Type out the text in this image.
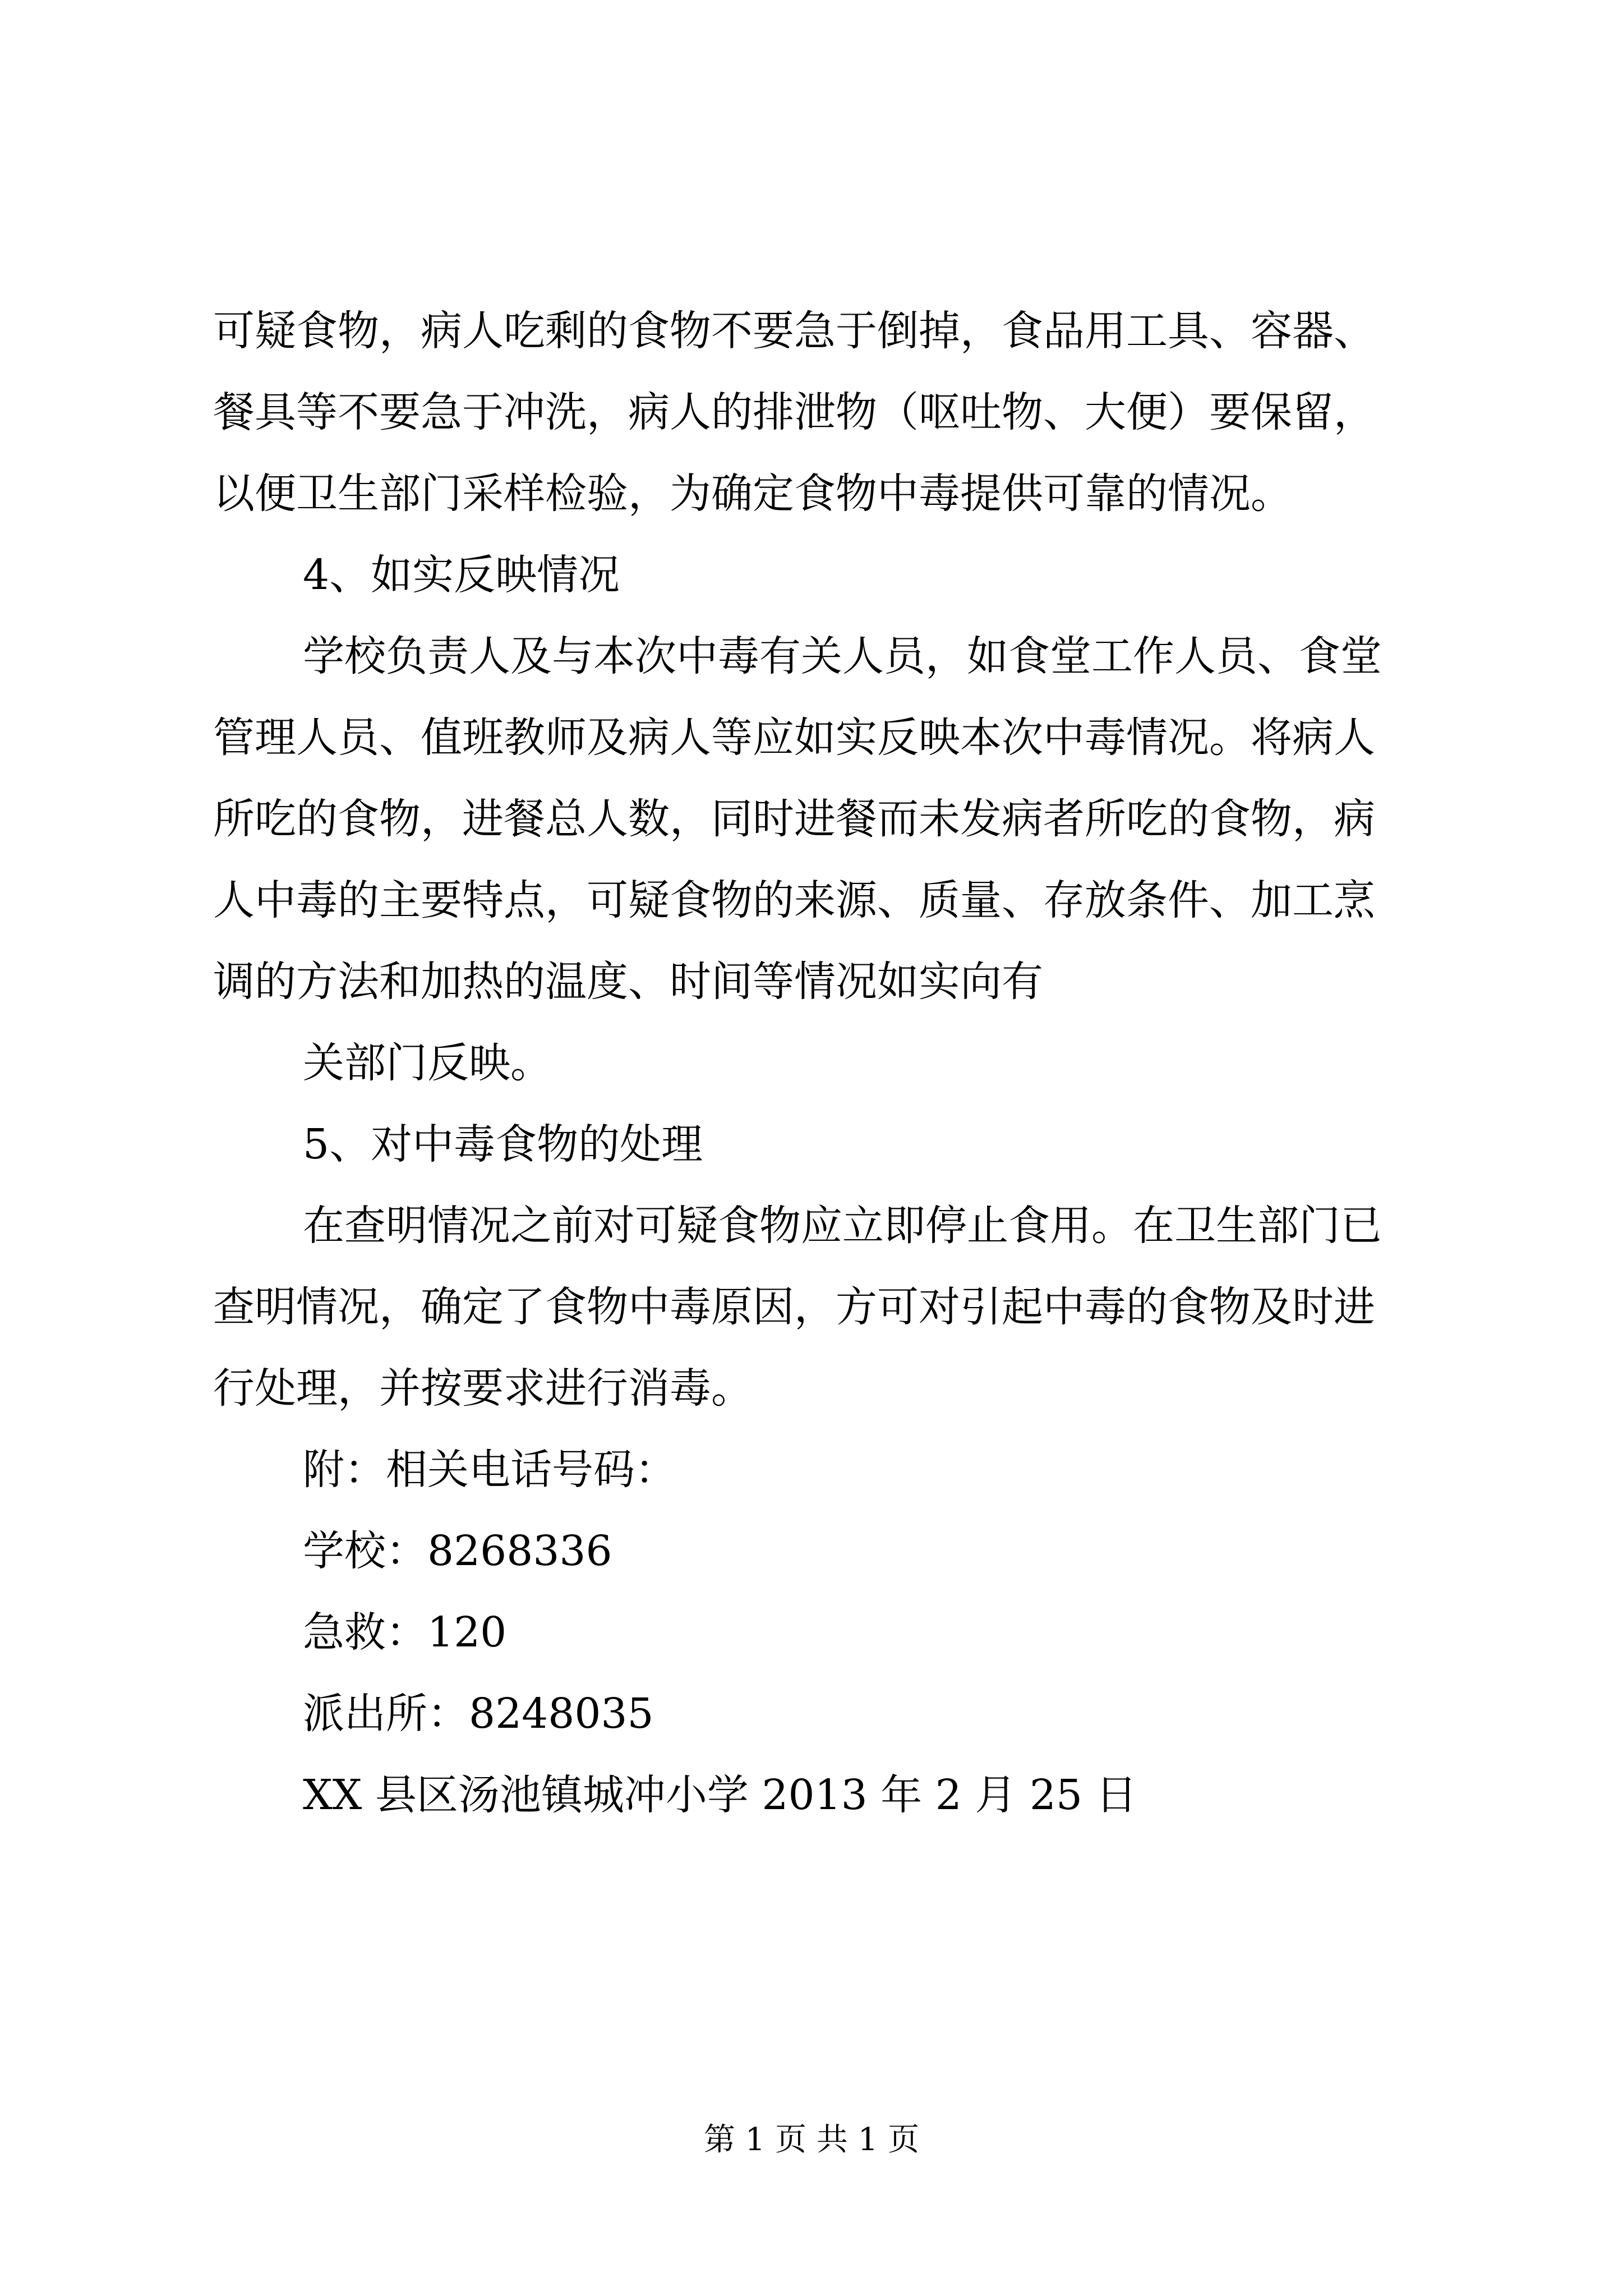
可疑食物，病人吃剩的食物不要急于倒掉，食品用工具、容器、
餐具等不要急于冲洗，病人的排泄物（呕吐物、大便）要保留，
以便卫生部门采样检验，为确定食物中毒提供可靠的情况。
4、如实反映情况
学校负责人及与本次中毒有关人员，如食堂工作人员、食堂
管理人员、值班教师及病人等应如实反映本次中毒情况。将病人
所吃的食物，进餐总人数，同时进餐而未发病者所吃的食物，病
人中毒的主要特点，可疑食物的来源、质量、存放条件、加工烹
调的方法和加热的温度、时间等情况如实向有
关部门反映。
5、对中毒食物的处理
在查明情况之前对可疑食物应立即停止食用。在卫生部门已
查明情况，确定了食物中毒原因，方可对引起中毒的食物及时进
行处理，并按要求进行消毒。
附：相关电话号码：
学校：8268336
急救：120
派出所：8248035
XX 县区汤池镇城冲小学 2013 年 2 月 25 日
第 1 页 共 1 页
